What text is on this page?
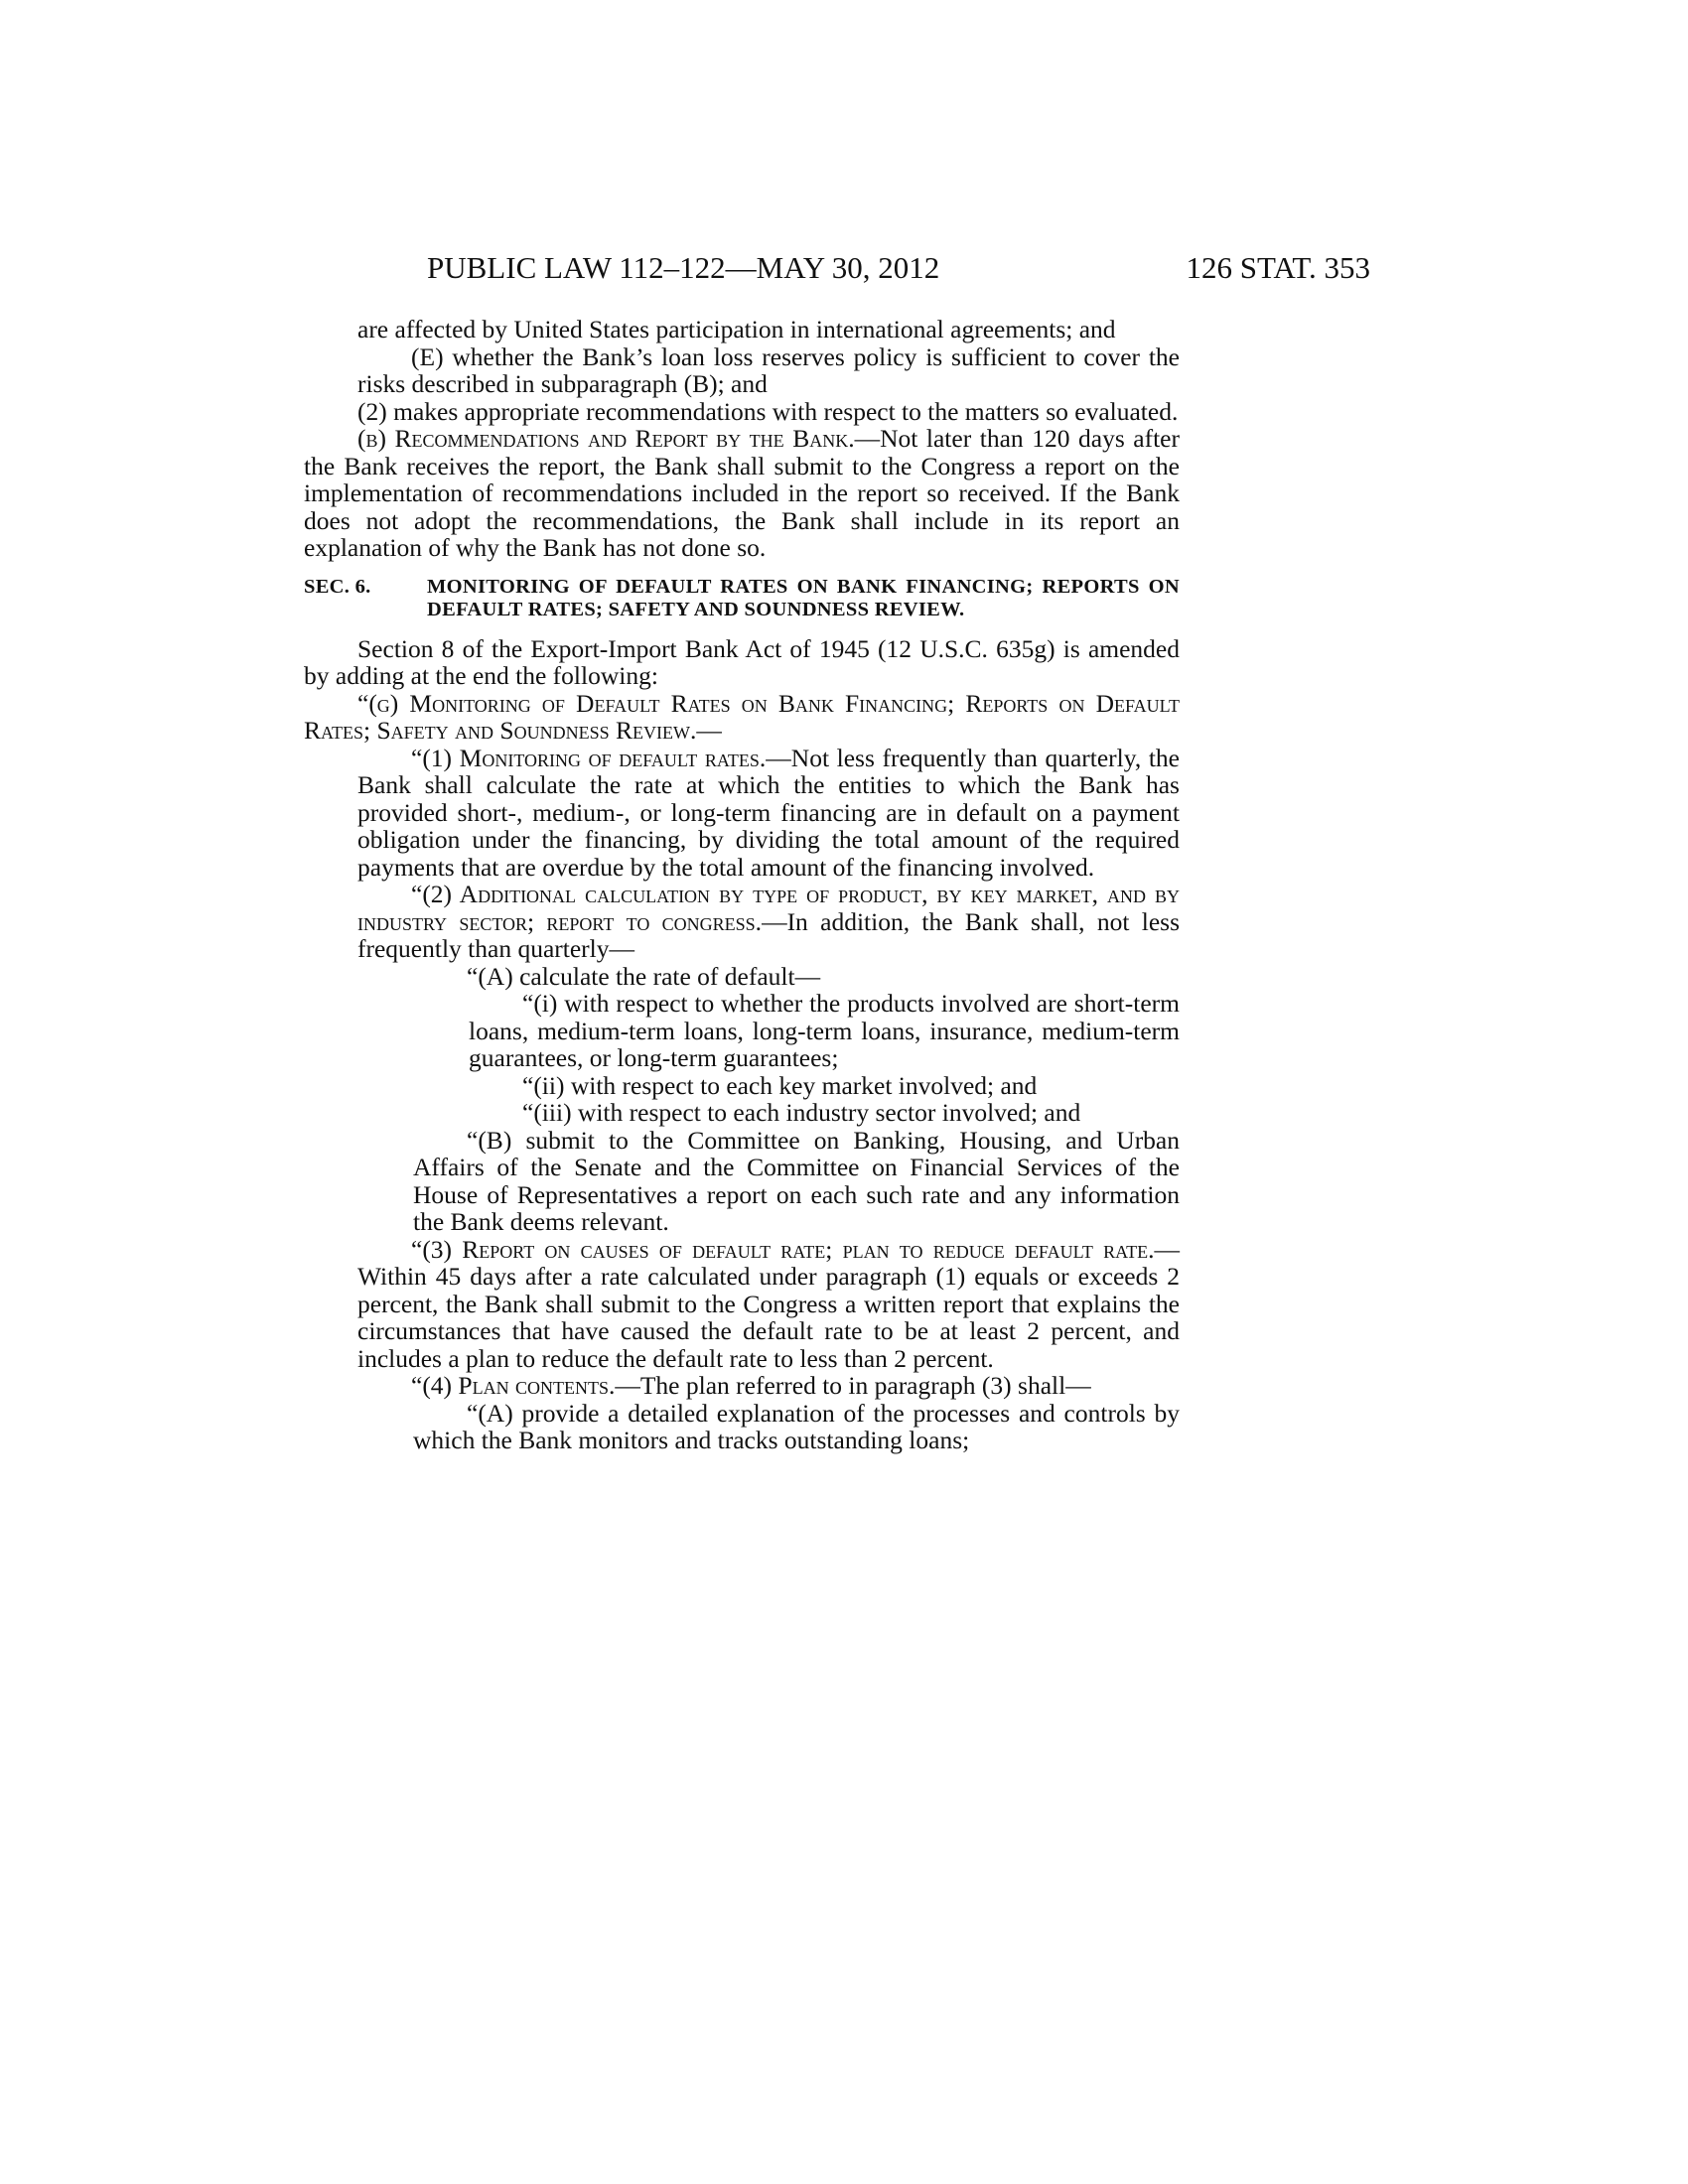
PUBLIC LAW 112–122—MAY 30, 2012	126 STAT. 353

are affected by United States participation in international agreements; and

(E) whether the Bank’s loan loss reserves policy is sufficient to cover the risks described in subparagraph (B); and

(2) makes appropriate recommendations with respect to the matters so evaluated.

(b) Recommendations and Report by the Bank.—Not later than 120 days after the Bank receives the report, the Bank shall submit to the Congress a report on the implementation of recommendations included in the report so received. If the Bank does not adopt the recommendations, the Bank shall include in its report an explanation of why the Bank has not done so.

SEC. 6.	MONITORING OF DEFAULT RATES ON BANK FINANCING; REPORTS ON DEFAULT RATES; SAFETY AND SOUNDNESS REVIEW.

Section 8 of the Export-Import Bank Act of 1945 (12 U.S.C. 635g) is amended by adding at the end the following:

“(g) Monitoring of Default Rates on Bank Financing; Reports on Default Rates; Safety and Soundness Review.—

“(1) Monitoring of default rates.—Not less frequently than quarterly, the Bank shall calculate the rate at which the entities to which the Bank has provided short-, medium-, or long-term financing are in default on a payment obligation under the financing, by dividing the total amount of the required payments that are overdue by the total amount of the financing involved.

“(2) Additional calculation by type of product, by key market, and by industry sector; report to congress.—In addition, the Bank shall, not less frequently than quarterly—

“(A) calculate the rate of default—

“(i) with respect to whether the products involved are short-term loans, medium-term loans, long-term loans, insurance, medium-term guarantees, or long-term guarantees;

“(ii) with respect to each key market involved; and

“(iii) with respect to each industry sector involved; and

“(B) submit to the Committee on Banking, Housing, and Urban Affairs of the Senate and the Committee on Financial Services of the House of Representatives a report on each such rate and any information the Bank deems relevant.

“(3) Report on causes of default rate; plan to reduce default rate.—Within 45 days after a rate calculated under paragraph (1) equals or exceeds 2 percent, the Bank shall submit to the Congress a written report that explains the circumstances that have caused the default rate to be at least 2 percent, and includes a plan to reduce the default rate to less than 2 percent.

“(4) Plan contents.—The plan referred to in paragraph (3) shall—

“(A) provide a detailed explanation of the processes and controls by which the Bank monitors and tracks outstanding loans;
